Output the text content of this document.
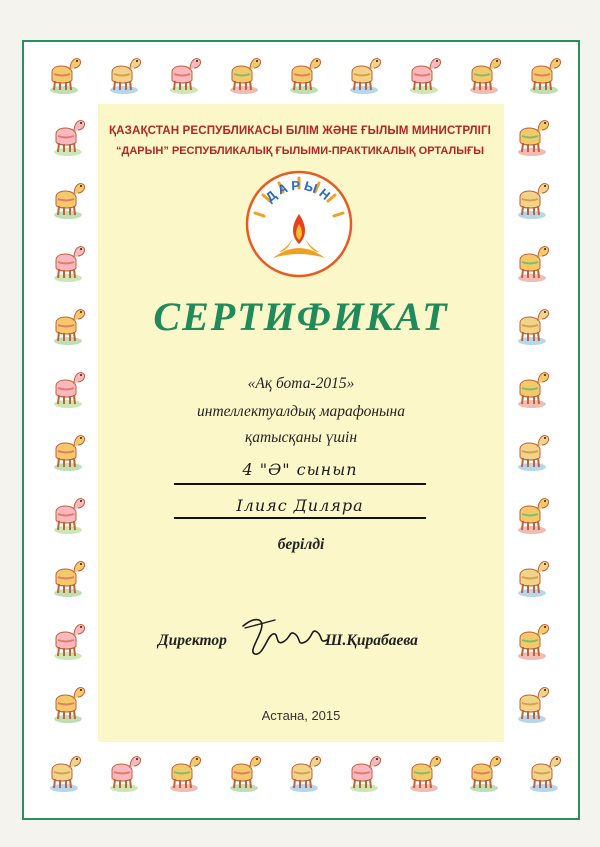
ҚАЗАҚСТАН РЕСПУБЛИКАСЫ БІЛІМ ЖӘНЕ ҒЫЛЫМ МИНИСТРЛІГІ
“ДАРЫН” РЕСПУБЛИКАЛЫҚ ҒЫЛЫМИ-ПРАКТИКАЛЫҚ ОРТАЛЫҒЫ
ДАРЫН
СЕРТИФИКАТ
«Ақ бота-2015»
интеллектуалдық марафонына
қатысқаны үшін
4 "Ә" сынып
Ілияс Диляра
берілді
Директор	Ш.Қирабаева
Астана, 2015
